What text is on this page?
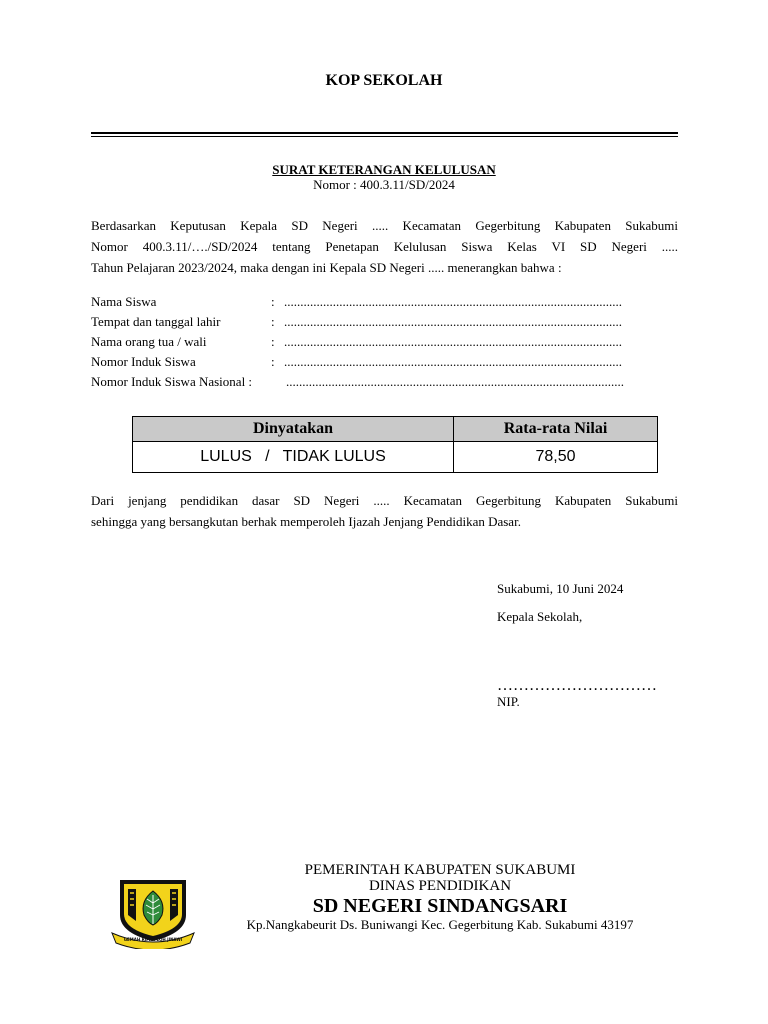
KOP SEKOLAH
SURAT KETERANGAN KELULUSAN
Nomor : 400.3.11/SD/2024
Berdasarkan Keputusan Kepala SD Negeri ..... Kecamatan Gegerbitung Kabupaten Sukabumi
Nomor 400.3.11/…./SD/2024 tentang Penetapan Kelulusan Siswa Kelas VI SD Negeri .....
Tahun Pelajaran 2023/2024, maka dengan ini Kepala SD Negeri ..... menerangkan bahwa :
Nama Siswa	: ........................................................................................................
Tempat dan tanggal lahir	: ........................................................................................................
Nama orang tua / wali	: ........................................................................................................
Nomor Induk Siswa	: ........................................................................................................
Nomor Induk Siswa Nasional :	........................................................................................................
Dinyatakan	Rata-rata Nilai
LULUS   /   TIDAK LULUS	78,50
Dari jenjang pendidikan dasar SD Negeri ..... Kecamatan Gegerbitung Kabupaten Sukabumi
sehingga yang bersangkutan berhak memperoleh Ijazah Jenjang Pendidikan Dasar.
Sukabumi, 10 Juni 2024
Kepala Sekolah,
…………………………
NIP.
GEMAH RIPAH LOH JINAWI
PEMERINTAH KABUPATEN SUKABUMI
DINAS PENDIDIKAN
SD NEGERI SINDANGSARI
Kp.Nangkabeurit Ds. Buniwangi Kec. Gegerbitung Kab. Sukabumi 43197
